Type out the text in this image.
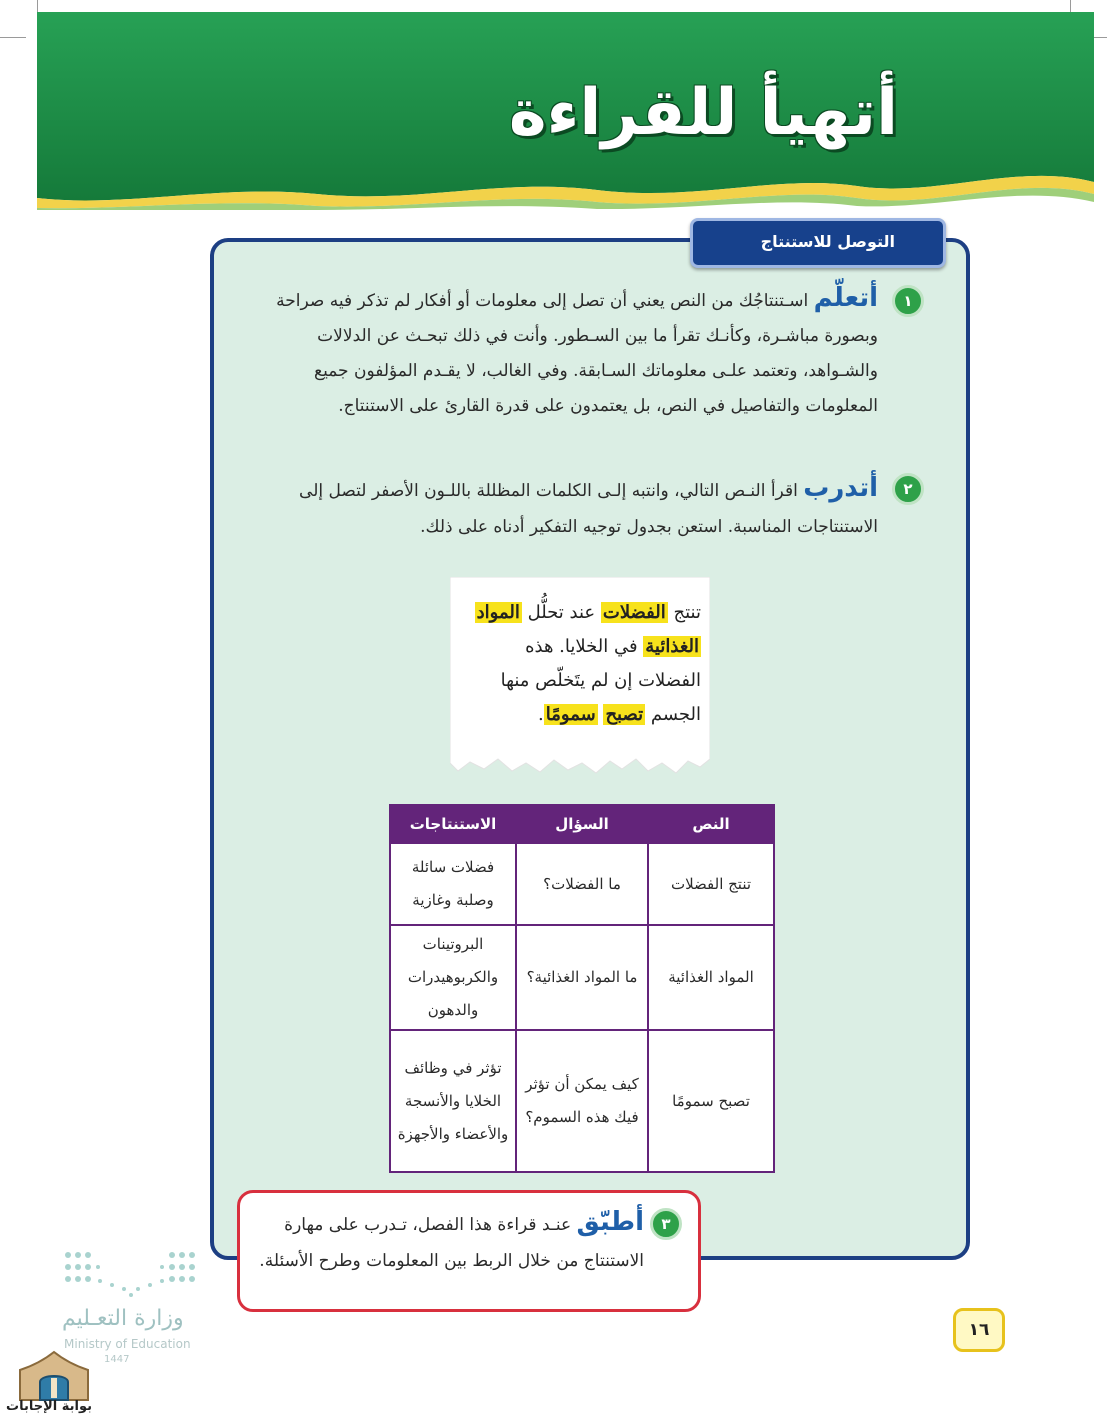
أتهيأ للقراءة
التوصل للاستنتاج
١
أتعلّم اسـتنتاجُك من النص يعني أن تصل إلى معلومات أو أفكار لم تذكر فيه صراحة
وبصورة مباشـرة، وكأنـك تقرأ ما بين السـطور. وأنت في ذلك تبحـث عن الدلالات
والشـواهد، وتعتمد علـى معلوماتك السـابقة. وفي الغالب، لا يقـدم المؤلفون جميع
المعلومات والتفاصيل في النص، بل يعتمدون على قدرة القارئ على الاستنتاج.
٢
أتدرب اقرأ النـص التالي، وانتبه إلـى الكلمات المظللة باللـون الأصفر لتصل إلى
الاستنتاجات المناسبة. استعن بجدول توجيه التفكير أدناه على ذلك.
تنتج الفضلات عند تحلُّل المواد الغذائية في الخلايا. هذه الفضلات إن لم يتَخلّص منها الجسم تصبح سمومًا.
النص	السؤال	الاستنتاجات
تنتج الفضلات	ما الفضلات؟	فضلات سائلة وصلبة وغازية
المواد الغذائية	ما المواد الغذائية؟	البروتينات والكربوهيدرات والدهون
تصبح سمومًا	كيف يمكن أن تؤثر فيك هذه السموم؟	تؤثر في وظائف الخلايا والأنسجة والأعضاء والأجهزة
٣
أطبّق عنـد قراءة هذا الفصل، تـدرب على مهارة
الاستنتاج من خلال الربط بين المعلومات وطرح الأسئلة.
وزارة التعـليم
Ministry of Education
1447
بوابة الإجابات
١٦
